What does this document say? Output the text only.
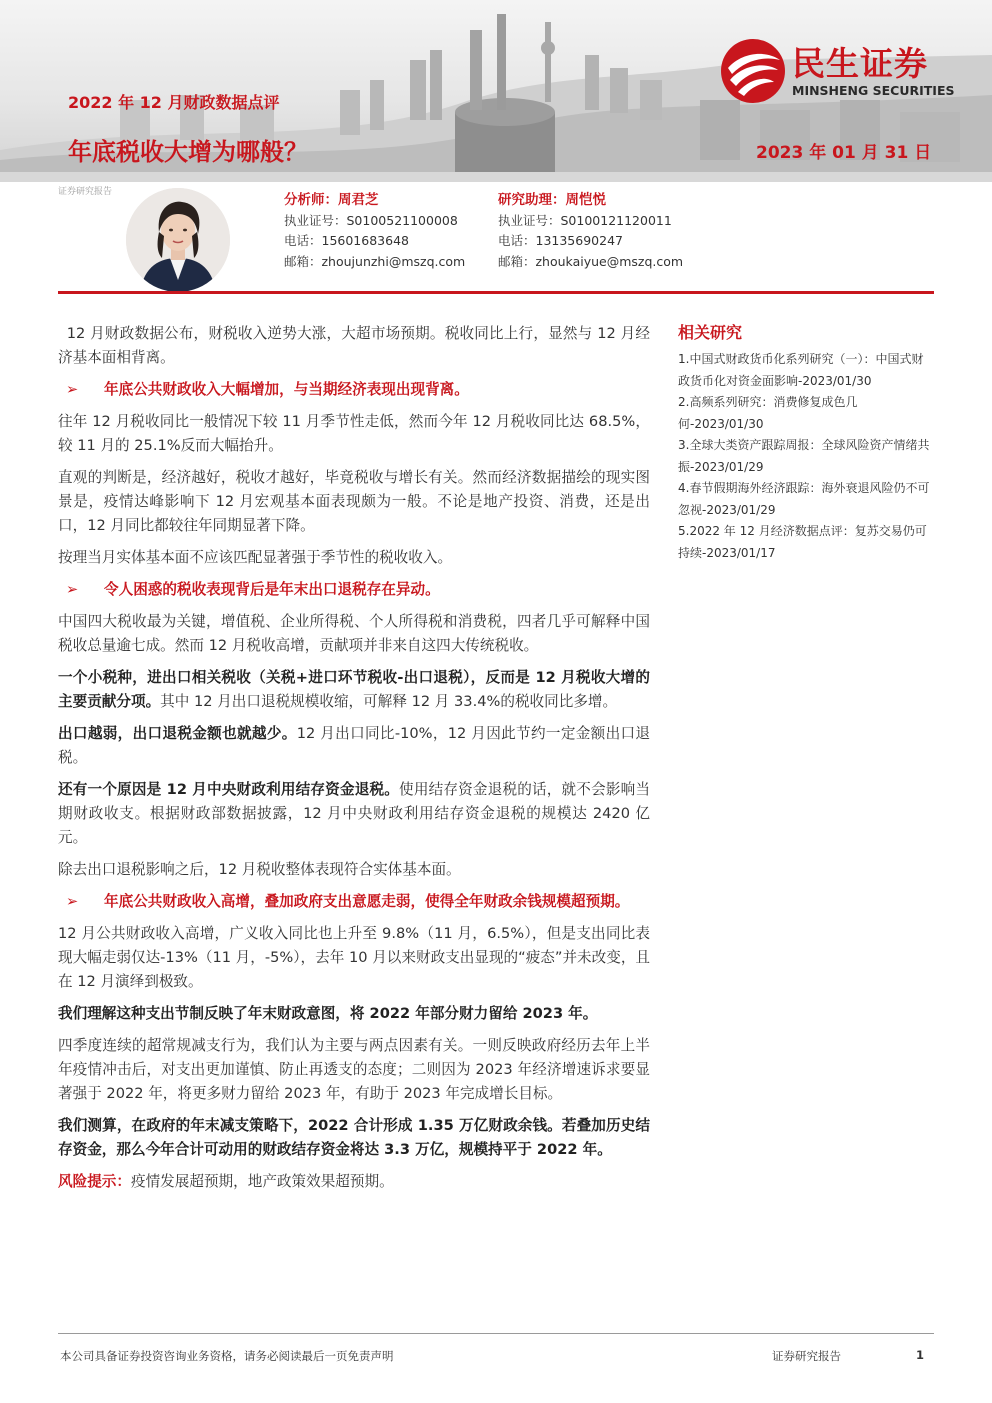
民生证券
MINSHENG SECURITIES
2022 年 12 月财政数据点评
年底税收大增为哪般？	2023 年 01 月 31 日
证券研究报告	分析师：周君芝
执业证号：S0100521100008
电话：15601683648
邮箱：zhoujunzhi@mszq.com
研究助理：周恺悦
执业证号：S0100121120011
电话：13135690247
邮箱：zhoukaiyue@mszq.com

12 月财政数据公布，财税收入逆势大涨，大超市场预期。税收同比上行，显然与 12 月经济基本面相背离。

➢	年底公共财政收入大幅增加，与当期经济表现出现背离。

往年 12 月税收同比一般情况下较 11 月季节性走低，然而今年 12 月税收同比达 68.5%，较 11 月的 25.1%反而大幅抬升。

直观的判断是，经济越好，税收才越好，毕竟税收与增长有关。然而经济数据描绘的现实图景是，疫情达峰影响下 12 月宏观基本面表现颇为一般。不论是地产投资、消费，还是出口，12 月同比都较往年同期显著下降。

按理当月实体基本面不应该匹配显著强于季节性的税收收入。

➢	令人困惑的税收表现背后是年末出口退税存在异动。

中国四大税收最为关键，增值税、企业所得税、个人所得税和消费税，四者几乎可解释中国税收总量逾七成。然而 12 月税收高增，贡献项并非来自这四大传统税收。

一个小税种，进出口相关税收（关税+进口环节税收-出口退税），反而是 12 月税收大增的主要贡献分项。其中 12 月出口退税规模收缩，可解释 12 月 33.4%的税收同比多增。

出口越弱，出口退税金额也就越少。12 月出口同比-10%，12 月因此节约一定金额出口退税。

还有一个原因是 12 月中央财政利用结存资金退税。使用结存资金退税的话，就不会影响当期财政收支。根据财政部数据披露，12 月中央财政利用结存资金退税的规模达 2420 亿元。

除去出口退税影响之后，12 月税收整体表现符合实体基本面。

➢	年底公共财政收入高增，叠加政府支出意愿走弱，使得全年财政余钱规模超预期。

12 月公共财政收入高增，广义收入同比也上升至 9.8%（11 月，6.5%），但是支出同比表现大幅走弱仅达-13%（11 月，-5%），去年 10 月以来财政支出显现的“疲态”并未改变，且在 12 月演绎到极致。

我们理解这种支出节制反映了年末财政意图，将 2022 年部分财力留给 2023 年。

四季度连续的超常规减支行为，我们认为主要与两点因素有关。一则反映政府经历去年上半年疫情冲击后，对支出更加谨慎、防止再透支的态度；二则因为 2023 年经济增速诉求要显著强于 2022 年，将更多财力留给 2023 年，有助于 2023 年完成增长目标。

我们测算，在政府的年末减支策略下，2022 合计形成 1.35 万亿财政余钱。若叠加历史结存资金，那么今年合计可动用的财政结存资金将达 3.3 万亿，规模持平于 2022 年。

风险提示：疫情发展超预期，地产政策效果超预期。

相关研究

1.中国式财政货币化系列研究（一）：中国式财政货币化对资金面影响-2023/01/30

2.高频系列研究：消费修复成色几何-2023/01/30

3.全球大类资产跟踪周报：全球风险资产情绪共振-2023/01/29

4.春节假期海外经济跟踪：海外衰退风险仍不可忽视-2023/01/29

5.2022 年 12 月经济数据点评：复苏交易仍可持续-2023/01/17

本公司具备证券投资咨询业务资格，请务必阅读最后一页免责声明	证券研究报告	1
